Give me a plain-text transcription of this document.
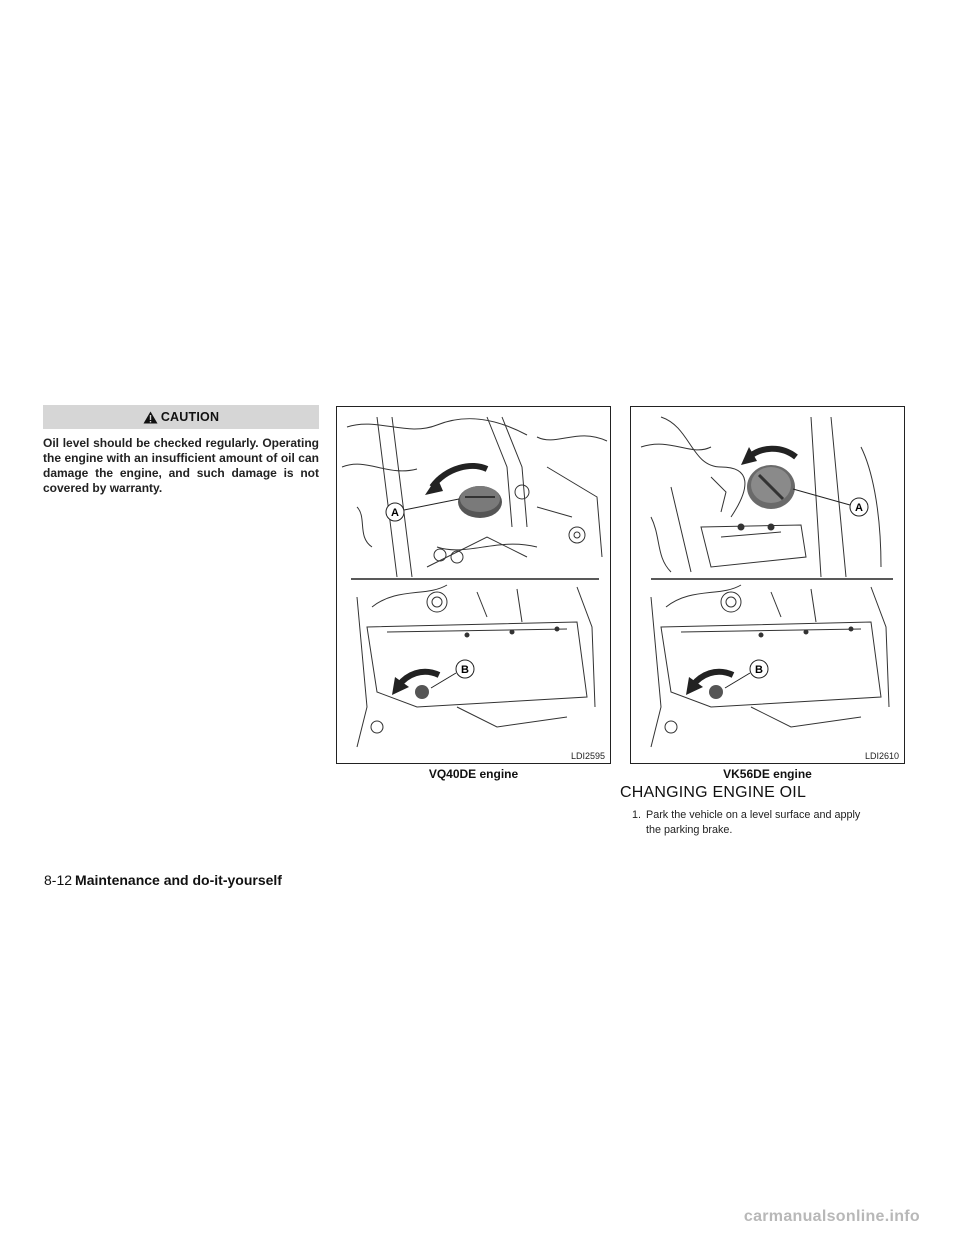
CAUTION
Oil level should be checked regularly. Operating the engine with an insufficient amount of oil can damage the engine, and such damage is not covered by warranty.
A
B
LDI2595
VQ40DE engine
A
B
LDI2610
VK56DE engine
CHANGING ENGINE OIL
1. Park the vehicle on a level surface and apply
the parking brake.
8-12 Maintenance and do-it-yourself
carmanualsonline.info
